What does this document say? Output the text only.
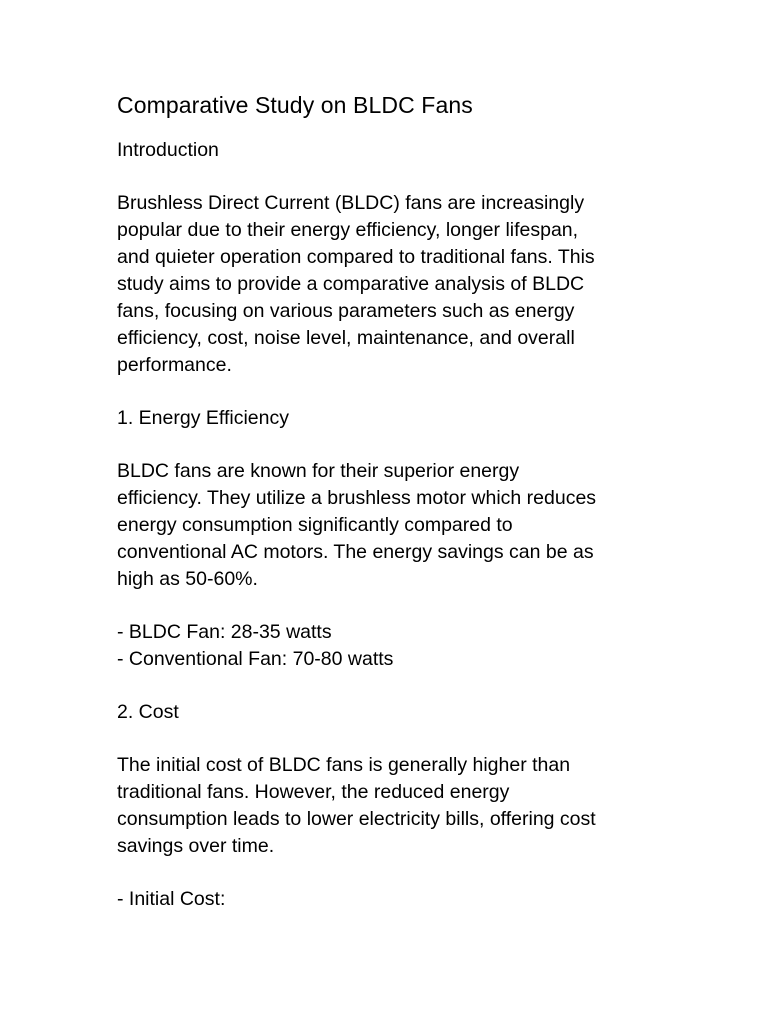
Comparative Study on BLDC Fans

Introduction

Brushless Direct Current (BLDC) fans are increasingly

popular due to their energy efficiency, longer lifespan,

and quieter operation compared to traditional fans. This

study aims to provide a comparative analysis of BLDC

fans, focusing on various parameters such as energy

efficiency, cost, noise level, maintenance, and overall

performance.

1. Energy Efficiency

BLDC fans are known for their superior energy

efficiency. They utilize a brushless motor which reduces

energy consumption significantly compared to

conventional AC motors. The energy savings can be as

high as 50-60%.

- BLDC Fan: 28-35 watts

- Conventional Fan: 70-80 watts

2. Cost

The initial cost of BLDC fans is generally higher than

traditional fans. However, the reduced energy

consumption leads to lower electricity bills, offering cost

savings over time.

- Initial Cost:
